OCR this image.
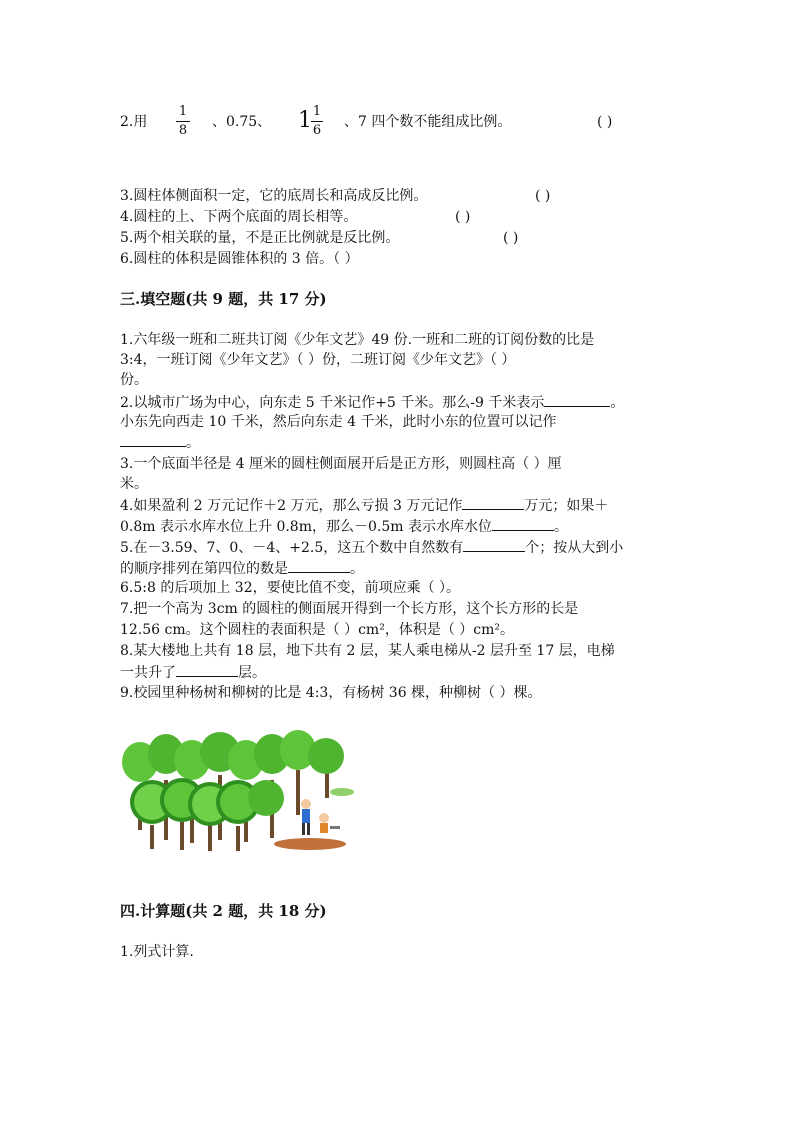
2.用
1
8
、0.75、 1 1
6
、7 四个数不能组成比例。	( )
3.圆柱体侧面积一定，它的底周长和高成反比例。	( )
4.圆柱的上、下两个底面的周长相等。	( )
5.两个相关联的量，不是正比例就是反比例。	( )
6.圆柱的体积是圆锥体积的 3 倍。（ ）
三.填空题(共 9 题，共 17 分)
1.六年级一班和二班共订阅《少年文艺》49 份.一班和二班的订阅份数的比是
3:4，一班订阅《少年文艺》（ ）份，二班订阅《少年文艺》（ ）
份。
2.以城市广场为中心，向东走 5 千米记作+5 千米。那么-9 千米表示	。
小东先向西走 10 千米，然后向东走 4 千米，此时小东的位置可以记作
。
3.一个底面半径是 4 厘米的圆柱侧面展开后是正方形，则圆柱高（ ）厘
米。
4.如果盈利 2 万元记作＋2 万元，那么亏损 3 万元记作	万元；如果＋
0.8m 表示水库水位上升 0.8m，那么－0.5m 表示水库水位	。
5.在－3.59、7、0、－4、+2.5，这五个数中自然数有	个；按从大到小
的顺序排列在第四位的数是	。
6.5:8 的后项加上 32，要使比值不变，前项应乘（ ）。
7.把一个高为 3cm 的圆柱的侧面展开得到一个长方形，这个长方形的长是
12.56 cm。这个圆柱的表面积是（ ）cm²，体积是（ ）cm²。
8.某大楼地上共有 18 层，地下共有 2 层，某人乘电梯从-2 层升至 17 层，电梯
一共升了	层。
9.校园里种杨树和柳树的比是 4:3，有杨树 36 棵，种柳树（ ）棵。
四.计算题(共 2 题，共 18 分)
1.列式计算.
